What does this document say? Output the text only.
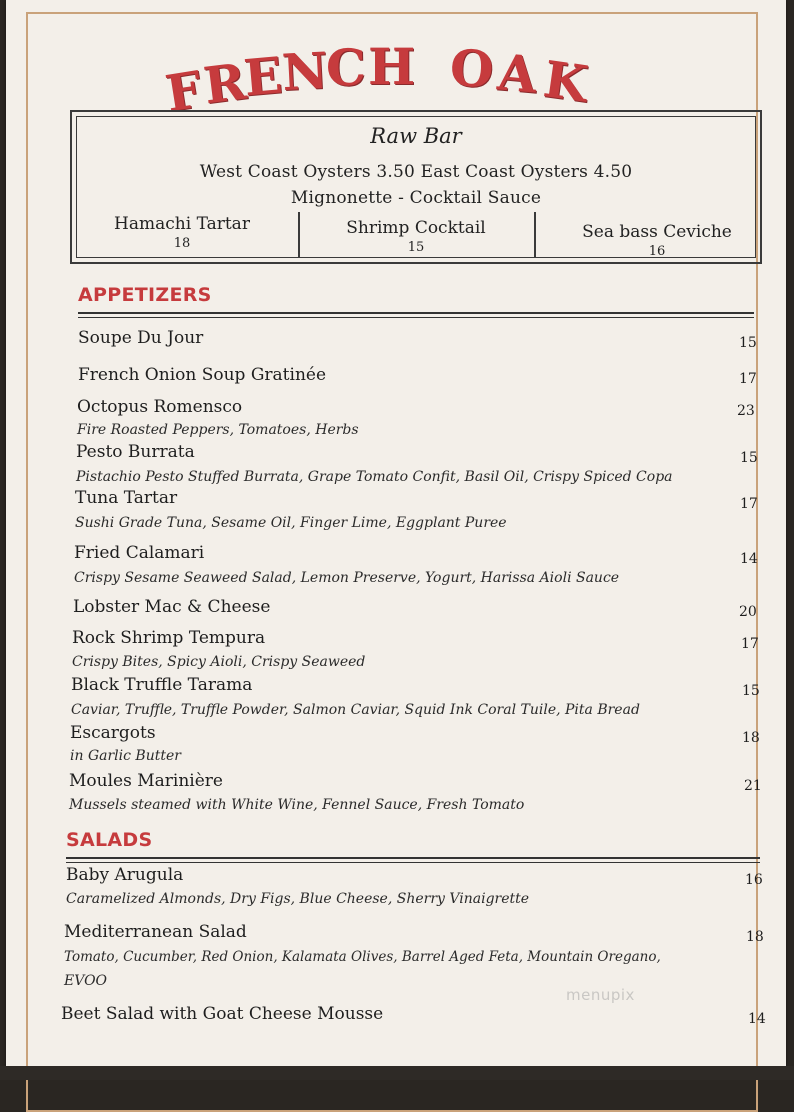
F
R
E
N
C H O A K
Raw Bar
West Coast Oysters 3.50 East Coast Oysters 4.50
Mignonette - Cocktail Sauce
Hamachi Tartar
18
Shrimp Cocktail
15
Sea bass Ceviche
16
APPETIZERS
Soupe Du Jour	15
French Onion Soup Gratinée	17
Octopus Romensco
Fire Roasted Peppers, Tomatoes, Herbs
23
Pesto Burrata
Pistachio Pesto Stuffed Burrata, Grape Tomato Confit, Basil Oil, Crispy Spiced Copa
15
Tuna Tartar
Sushi Grade Tuna, Sesame Oil, Finger Lime, Eggplant Puree
17
Fried Calamari
Crispy Sesame Seaweed Salad, Lemon Preserve, Yogurt, Harissa Aioli Sauce
14
Lobster Mac & Cheese	20
Rock Shrimp Tempura
Crispy Bites, Spicy Aioli, Crispy Seaweed
17
Black Truffle Tarama
Caviar, Truffle, Truffle Powder, Salmon Caviar, Squid Ink Coral Tuile, Pita Bread
15
Escargots
in Garlic Butter
18
Moules Marinière
Mussels steamed with White Wine, Fennel Sauce, Fresh Tomato
21
SALADS
Baby Arugula
Caramelized Almonds, Dry Figs, Blue Cheese, Sherry Vinaigrette
16
Mediterranean Salad
Tomato, Cucumber, Red Onion, Kalamata Olives, Barrel Aged Feta, Mountain Oregano,
EVOO
18
Beet Salad with Goat Cheese Mousse	14
menupix
